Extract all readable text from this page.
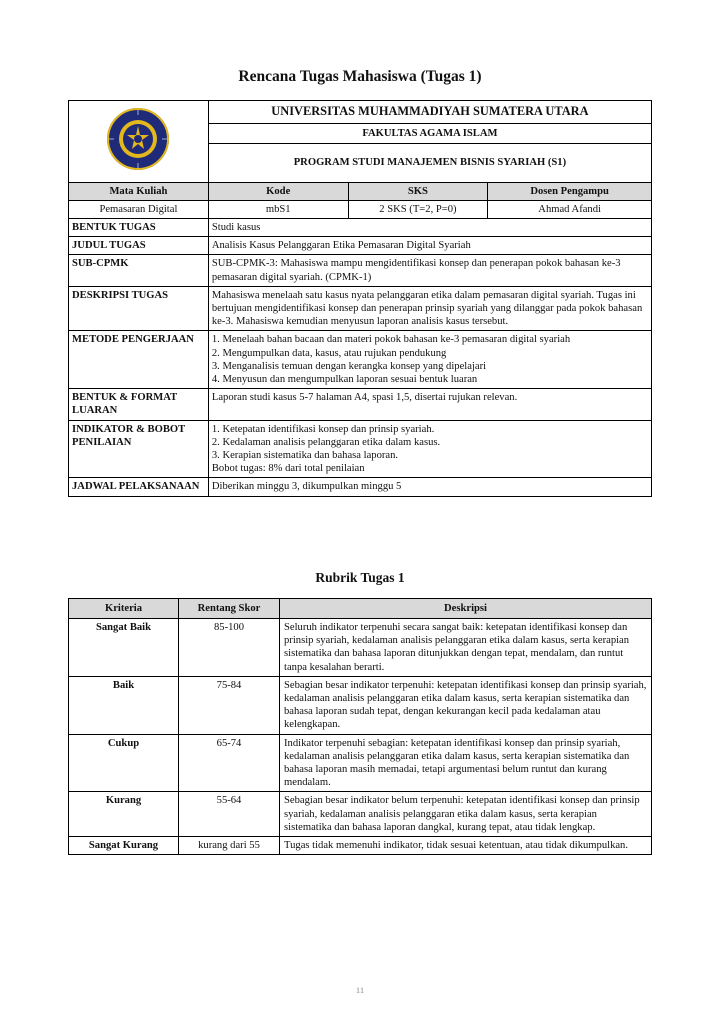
Rencana Tugas Mahasiswa (Tugas 1)
	UNIVERSITAS MUHAMMADIYAH SUMATERA UTARA		
	FAKULTAS AGAMA ISLAM		
	PROGRAM STUDI MANAJEMEN BISNIS SYARIAH (S1)		
Mata Kuliah	Kode	SKS	Dosen Pengampu
Pemasaran Digital	mbS1	2 SKS (T=2, P=0)	Ahmad Afandi
BENTUK TUGAS	Studi kasus		

JUDUL TUGAS	Analisis Kasus Pelanggaran Etika Pemasaran Digital Syariah		

SUB-CPMK	SUB-CPMK-3: Mahasiswa mampu mengidentifikasi konsep dan penerapan pokok bahasan ke-3 pemasaran digital syariah. (CPMK-1)		

DESKRIPSI TUGAS	Mahasiswa menelaah satu kasus nyata pelanggaran etika dalam pemasaran digital syariah. Tugas ini bertujuan mengidentifikasi konsep dan penerapan prinsip syariah yang dilanggar pada pokok bahasan ke-3. Mahasiswa kemudian menyusun laporan analisis kasus tersebut.		

METODE PENGERJAAN	1. Menelaah bahan bacaan dan materi pokok bahasan ke-3 pemasaran digital syariah
2. Mengumpulkan data, kasus, atau rujukan pendukung
3. Menganalisis temuan dengan kerangka konsep yang dipelajari
4. Menyusun dan mengumpulkan laporan sesuai bentuk luaran		

BENTUK & FORMAT LUARAN	Laporan studi kasus 5-7 halaman A4, spasi 1,5, disertai rujukan relevan.		

INDIKATOR & BOBOT PENILAIAN	1. Ketepatan identifikasi konsep dan prinsip syariah.
2. Kedalaman analisis pelanggaran etika dalam kasus.
3. Kerapian sistematika dan bahasa laporan.
Bobot tugas: 8% dari total penilaian		

JADWAL PELAKSANAAN	Diberikan minggu 3, dikumpulkan minggu 5		
Rubrik Tugas 1
Kriteria	Rentang Skor	Deskripsi
Sangat Baik	85-100	Seluruh indikator terpenuhi secara sangat baik: ketepatan identifikasi konsep dan prinsip syariah, kedalaman analisis pelanggaran etika dalam kasus, serta kerapian sistematika dan bahasa laporan ditunjukkan dengan tepat, mendalam, dan runtut tanpa kesalahan berarti.
Baik	75-84	Sebagian besar indikator terpenuhi: ketepatan identifikasi konsep dan prinsip syariah, kedalaman analisis pelanggaran etika dalam kasus, serta kerapian sistematika dan bahasa laporan sudah tepat, dengan kekurangan kecil pada kedalaman atau kelengkapan.
Cukup	65-74	Indikator terpenuhi sebagian: ketepatan identifikasi konsep dan prinsip syariah, kedalaman analisis pelanggaran etika dalam kasus, serta kerapian sistematika dan bahasa laporan masih memadai, tetapi argumentasi belum runtut dan kurang mendalam.
Kurang	55-64	Sebagian besar indikator belum terpenuhi: ketepatan identifikasi konsep dan prinsip syariah, kedalaman analisis pelanggaran etika dalam kasus, serta kerapian sistematika dan bahasa laporan dangkal, kurang tepat, atau tidak lengkap.
Sangat Kurang	kurang dari 55	Tugas tidak memenuhi indikator, tidak sesuai ketentuan, atau tidak dikumpulkan.
11
